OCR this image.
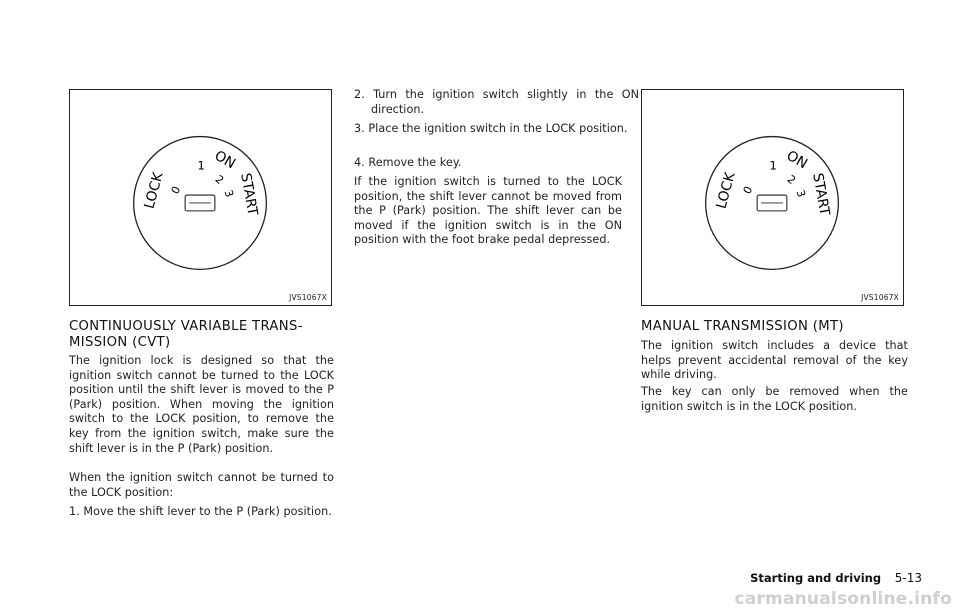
LOCK 0
1
2
3
ON
START
JVS1067X
CONTINUOUSLY VARIABLE TRANS-
MISSION (CVT)

The ignition lock is designed so that the ignition switch cannot be turned to the LOCK position until the shift lever is moved to the P (Park) position. When moving the ignition switch to the LOCK position, to remove the key from the ignition switch, make sure the shift lever is in the P (Park) position.

When the ignition switch cannot be turned to the LOCK position:

1. Move the shift lever to the P (Park) position.

2. Turn the ignition switch slightly in the ON direction.

3. Place the ignition switch in the LOCK position.

4. Remove the key.

If the ignition switch is turned to the LOCK position, the shift lever cannot be moved from the P (Park) position. The shift lever can be moved if the ignition switch is in the ON position with the foot brake pedal depressed.

LOCK 0
1
2
3
ON
START
JVS1067X
MANUAL TRANSMISSION (MT)

The ignition switch includes a device that helps prevent accidental removal of the key while driving.

The key can only be removed when the ignition switch is in the LOCK position.

Starting and driving 5-13
carmanualsonline.info
